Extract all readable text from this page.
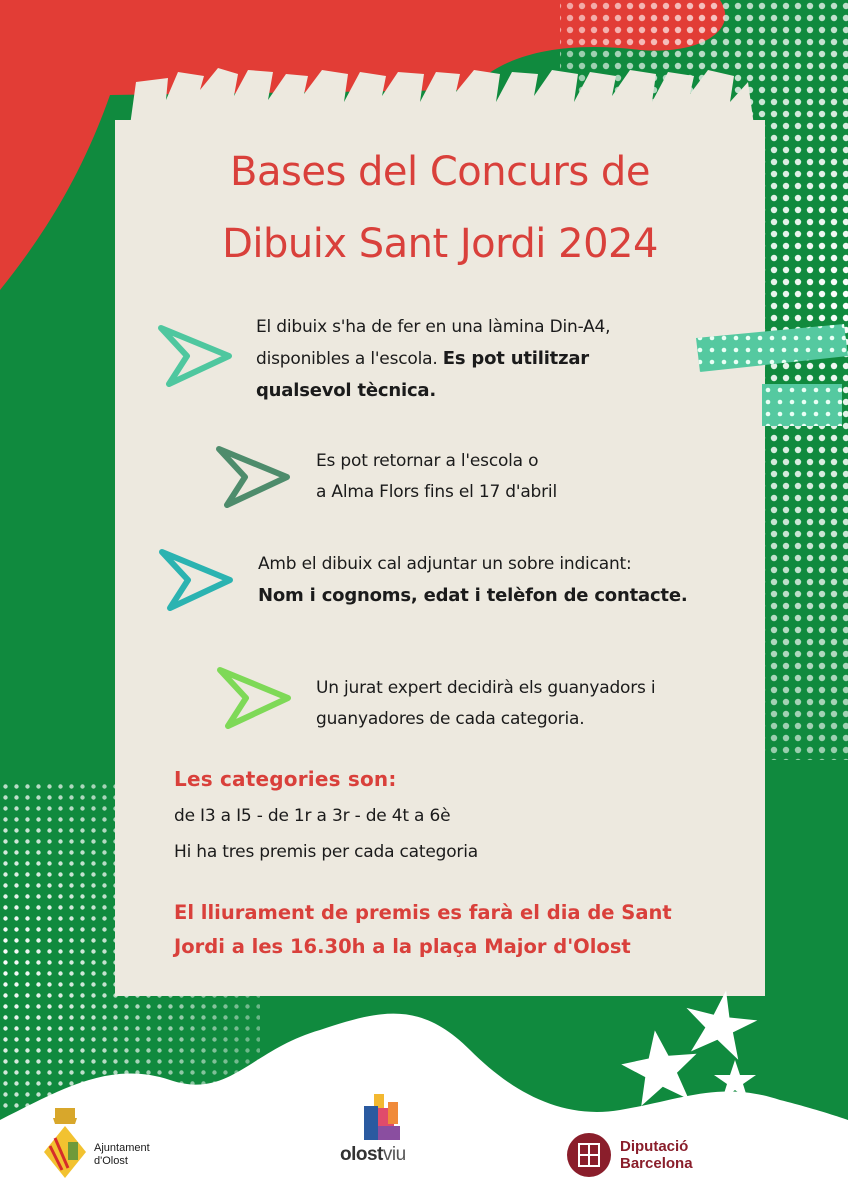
Bases del Concurs de
Dibuix Sant Jordi 2024
El dibuix s'ha de fer en una làmina Din-A4,
disponibles a l'escola. Es pot utilitzar
qualsevol tècnica.
Es pot retornar a l'escola o
a Alma Flors fins el 17 d'abril
Amb el dibuix cal adjuntar un sobre indicant:
Nom i cognoms, edat i telèfon de contacte.
Un jurat expert decidirà els guanyadors i
guanyadores de cada categoria.
Les categories son:
de I3 a I5 - de 1r a 3r - de 4t a 6è
Hi ha tres premis per cada categoria
El lliurament de premis es farà el dia de Sant
Jordi a les 16.30h a la plaça Major d'Olost
Ajuntament
d'Olost	olostviu	Diputació
Barcelona
